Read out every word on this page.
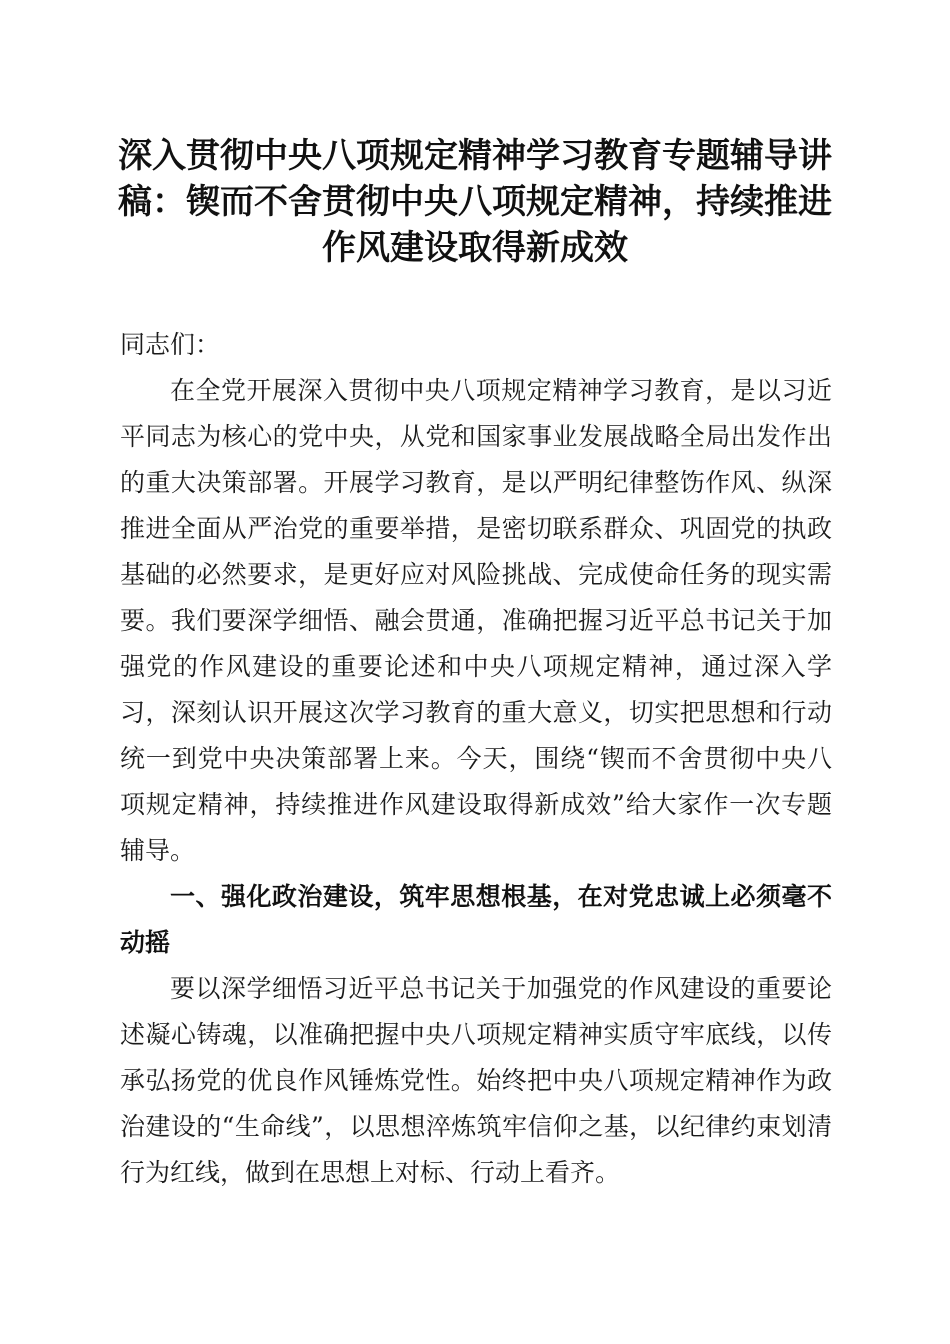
深入贯彻中央八项规定精神学习教育专题辅导讲稿：锲而不舍贯彻中央八项规定精神，持续推进作风建设取得新成效

同志们：

在全党开展深入贯彻中央八项规定精神学习教育，是以习近平同志为核心的党中央，从党和国家事业发展战略全局出发作出的重大决策部署。开展学习教育，是以严明纪律整饬作风、纵深推进全面从严治党的重要举措，是密切联系群众、巩固党的执政基础的必然要求，是更好应对风险挑战、完成使命任务的现实需要。我们要深学细悟、融会贯通，准确把握习近平总书记关于加强党的作风建设的重要论述和中央八项规定精神，通过深入学习，深刻认识开展这次学习教育的重大意义，切实把思想和行动统一到党中央决策部署上来。今天，围绕“锲而不舍贯彻中央八项规定精神，持续推进作风建设取得新成效”给大家作一次专题辅导。

一、强化政治建设，筑牢思想根基，在对党忠诚上必须毫不动摇

要以深学细悟习近平总书记关于加强党的作风建设的重要论述凝心铸魂，以准确把握中央八项规定精神实质守牢底线，以传承弘扬党的优良作风锤炼党性。始终把中央八项规定精神作为政治建设的“生命线”，以思想淬炼筑牢信仰之基，以纪律约束划清行为红线，做到在思想上对标、行动上看齐。
